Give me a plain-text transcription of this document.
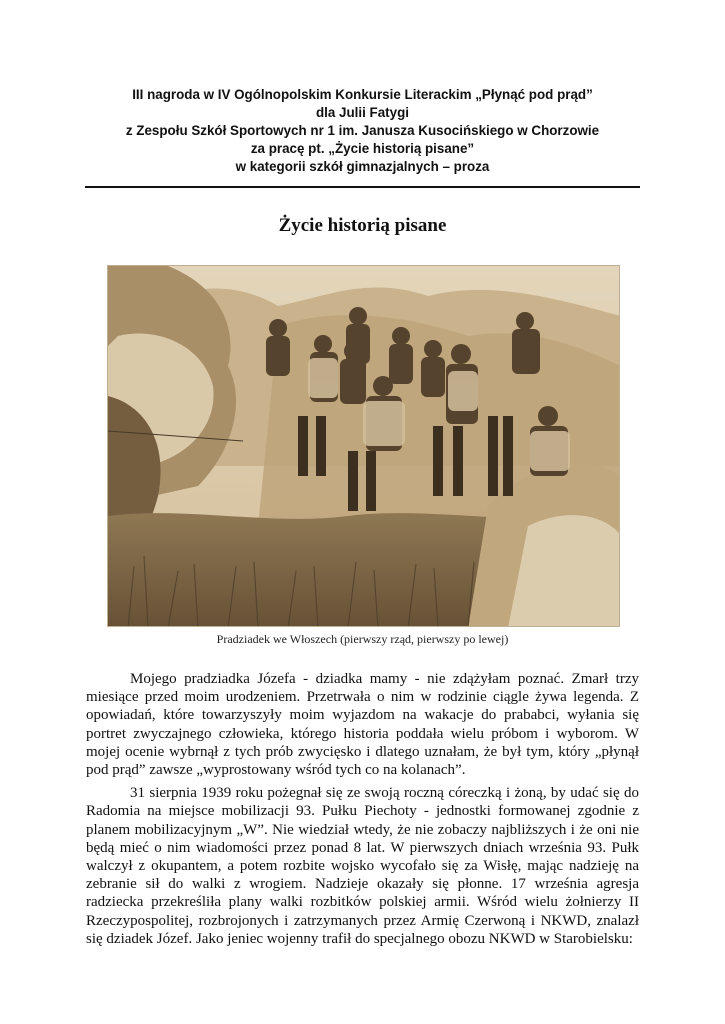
III nagroda w IV Ogólnopolskim Konkursie Literackim „Płynąć pod prąd”
dla Julii Fatygi
z Zespołu Szkół Sportowych nr 1 im. Janusza Kusocińskiego w Chorzowie
za pracę pt. „Życie historią pisane”
w kategorii szkół gimnazjalnych – proza
Życie historią pisane
Pradziadek we Włoszech (pierwszy rząd, pierwszy po lewej)

Mojego pradziadka Józefa - dziadka mamy - nie zdążyłam poznać. Zmarł trzy miesiące przed moim urodzeniem. Przetrwała o nim w rodzinie ciągle żywa legenda. Z opowiadań, które towarzyszyły moim wyjazdom na wakacje do prababci, wyłania się portret zwyczajnego człowieka, którego historia poddała wielu próbom i wyborom. W mojej ocenie wybrnął z tych prób zwycięsko i dlatego uznałam, że był tym, który „płynął pod prąd” zawsze „wyprostowany wśród tych co na kolanach”.

31 sierpnia 1939 roku pożegnał się ze swoją roczną córeczką i żoną, by udać się do Radomia na miejsce mobilizacji 93. Pułku Piechoty - jednostki formowanej zgodnie z planem mobilizacyjnym „W”. Nie wiedział wtedy, że nie zobaczy najbliższych i że oni nie będą mieć o nim wiadomości przez ponad 8 lat. W pierwszych dniach września 93. Pułk walczył z okupantem, a potem rozbite wojsko wycofało się za Wisłę, mając nadzieję na zebranie sił do walki z wrogiem. Nadzieje okazały się płonne. 17 września agresja radziecka przekreśliła plany walki rozbitków polskiej armii. Wśród wielu żołnierzy II Rzeczypospolitej, rozbrojonych i zatrzymanych przez Armię Czerwoną i NKWD, znalazł się dziadek Józef. Jako jeniec wojenny trafił do specjalnego obozu NKWD w Starobielsku:
